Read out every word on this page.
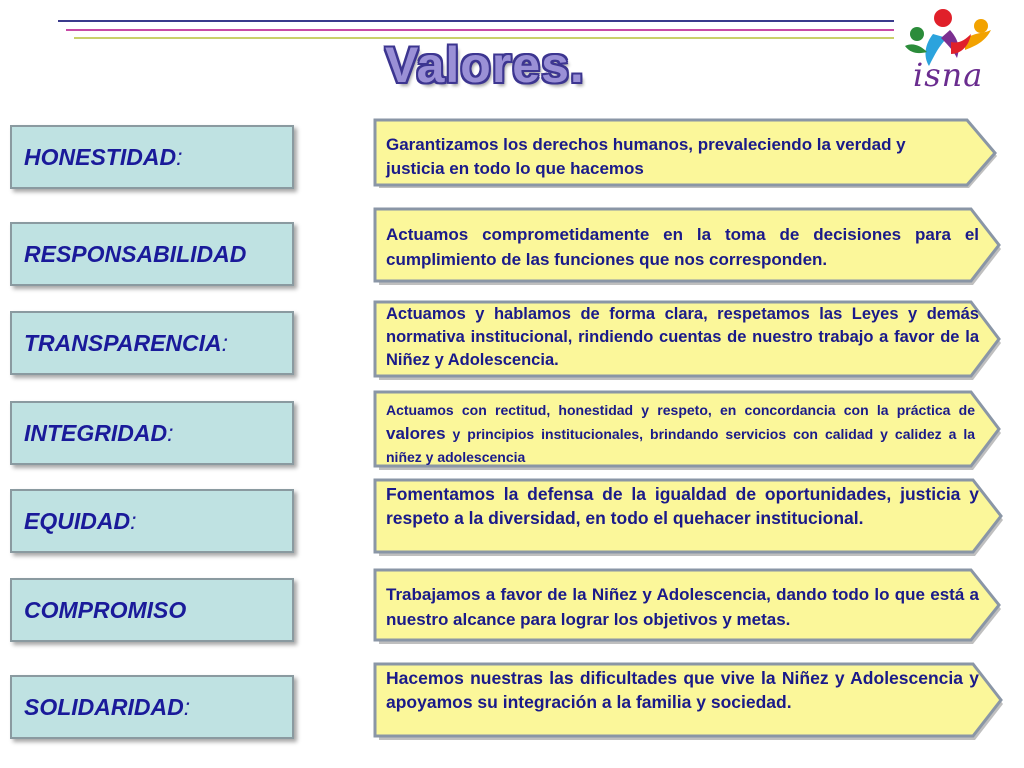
Valores.	isna
HONESTIDAD :
RESPONSABILIDAD
TRANSPARENCIA :
INTEGRIDAD :
EQUIDAD :
COMPROMISO
SOLIDARIDAD :
Garantizamos los derechos humanos, prevaleciendo la verdad y justicia en todo lo que hacemos
Actuamos comprometidamente en la toma de decisiones para el cumplimiento de las funciones que nos corresponden.
Actuamos y hablamos de forma clara, respetamos las Leyes y demás normativa institucional, rindiendo cuentas de nuestro trabajo a favor de la Niñez y Adolescencia.
Actuamos con rectitud, honestidad y respeto, en concordancia con la práctica de valores y principios institucionales, brindando servicios con calidad y calidez a la niñez y adolescencia
Fomentamos la defensa de la igualdad de oportunidades, justicia y respeto a la diversidad, en todo el quehacer institucional.
Trabajamos a favor de la Niñez y Adolescencia, dando todo lo que está a nuestro alcance para lograr los objetivos y metas.
Hacemos nuestras las dificultades que vive la Niñez y Adolescencia y apoyamos su integración a la familia y sociedad.
